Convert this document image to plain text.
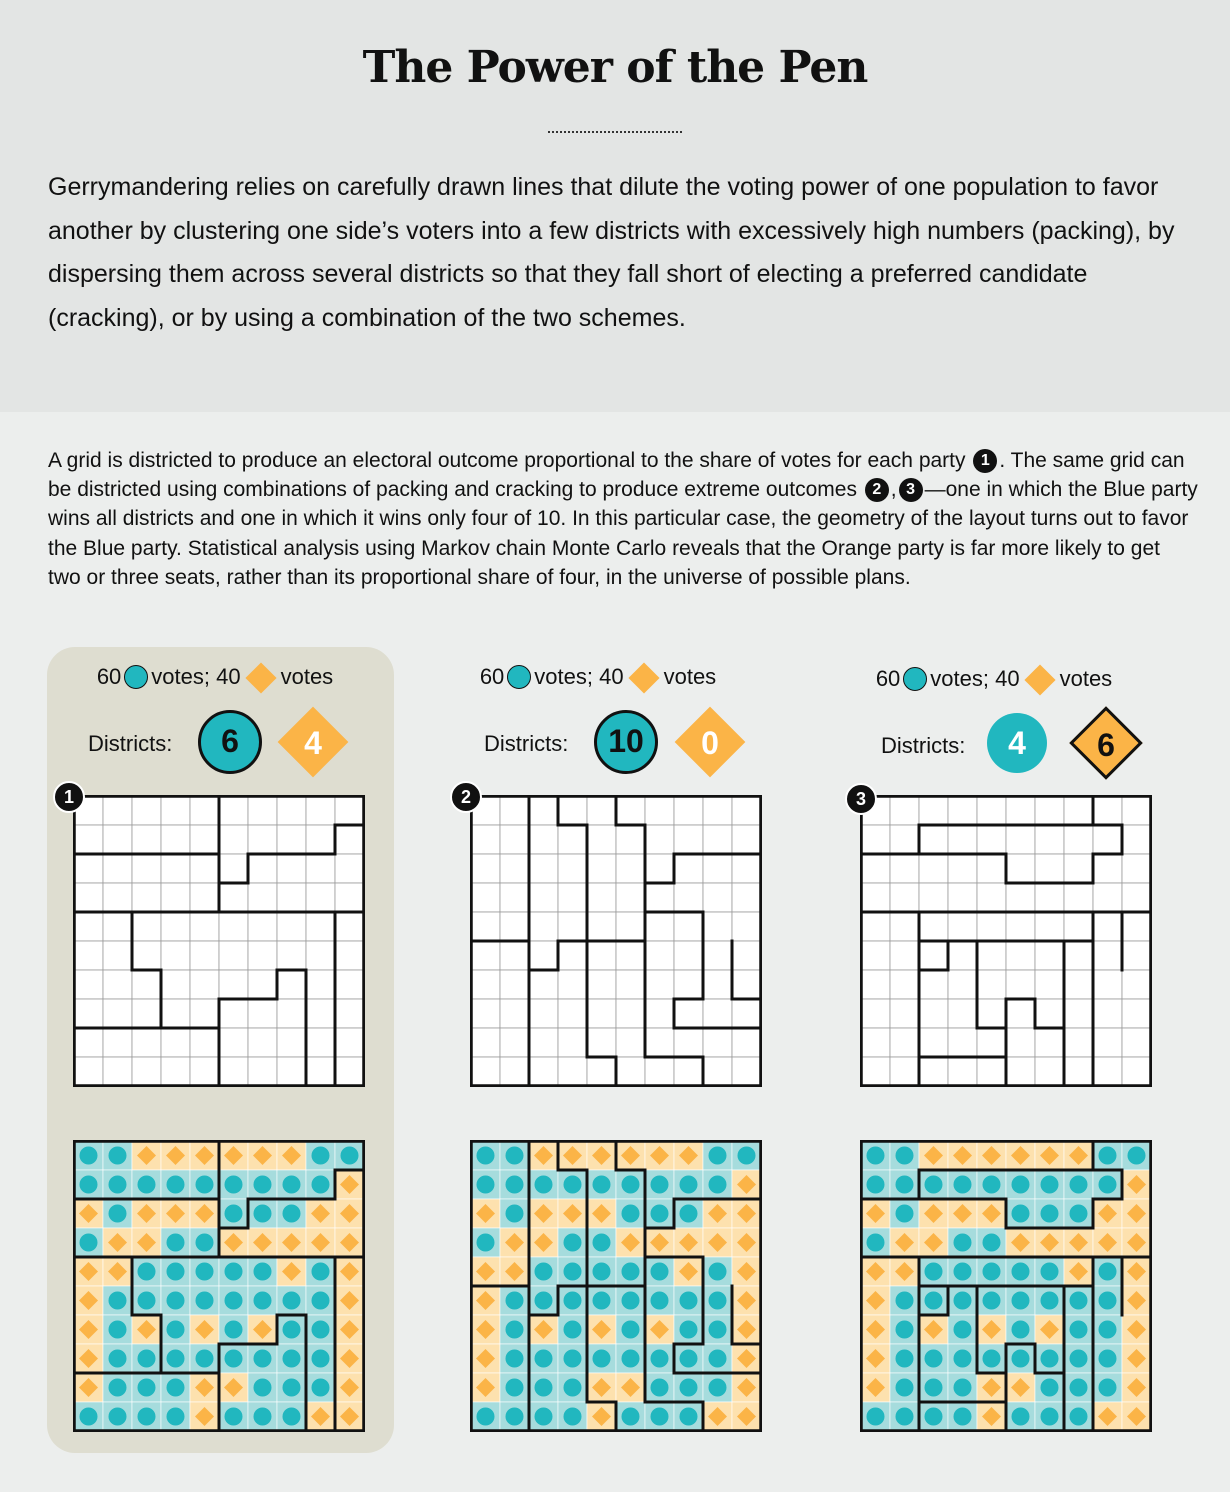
The Power of the Pen
Gerrymandering relies on carefully drawn lines that dilute the voting power of one population to favor another by clustering one side’s voters into a few districts with excessively high numbers (packing), by dispersing them across several districts so that they fall short of electing a preferred candidate (cracking), or by using a combination of the two schemes.
A grid is districted to produce an electoral outcome proportional to the share of votes for each party 1 . The same grid can be districted using combinations of packing and cracking to produce extreme outcomes 2 , 3 —one in which the Blue party wins all districts and one in which it wins only four of 10. In this particular case, the geometry of the layout turns out to favor the Blue party. Statistical analysis using Markov chain Monte Carlo reveals that the Orange party is far more likely to get two or three seats, rather than its proportional share of four, in the universe of possible plans.
60 votes; 40 votes
Districts:	6	4
1
60 votes; 40 votes
Districts:	10	0
2
60 votes; 40 votes
Districts:	4	6
3
